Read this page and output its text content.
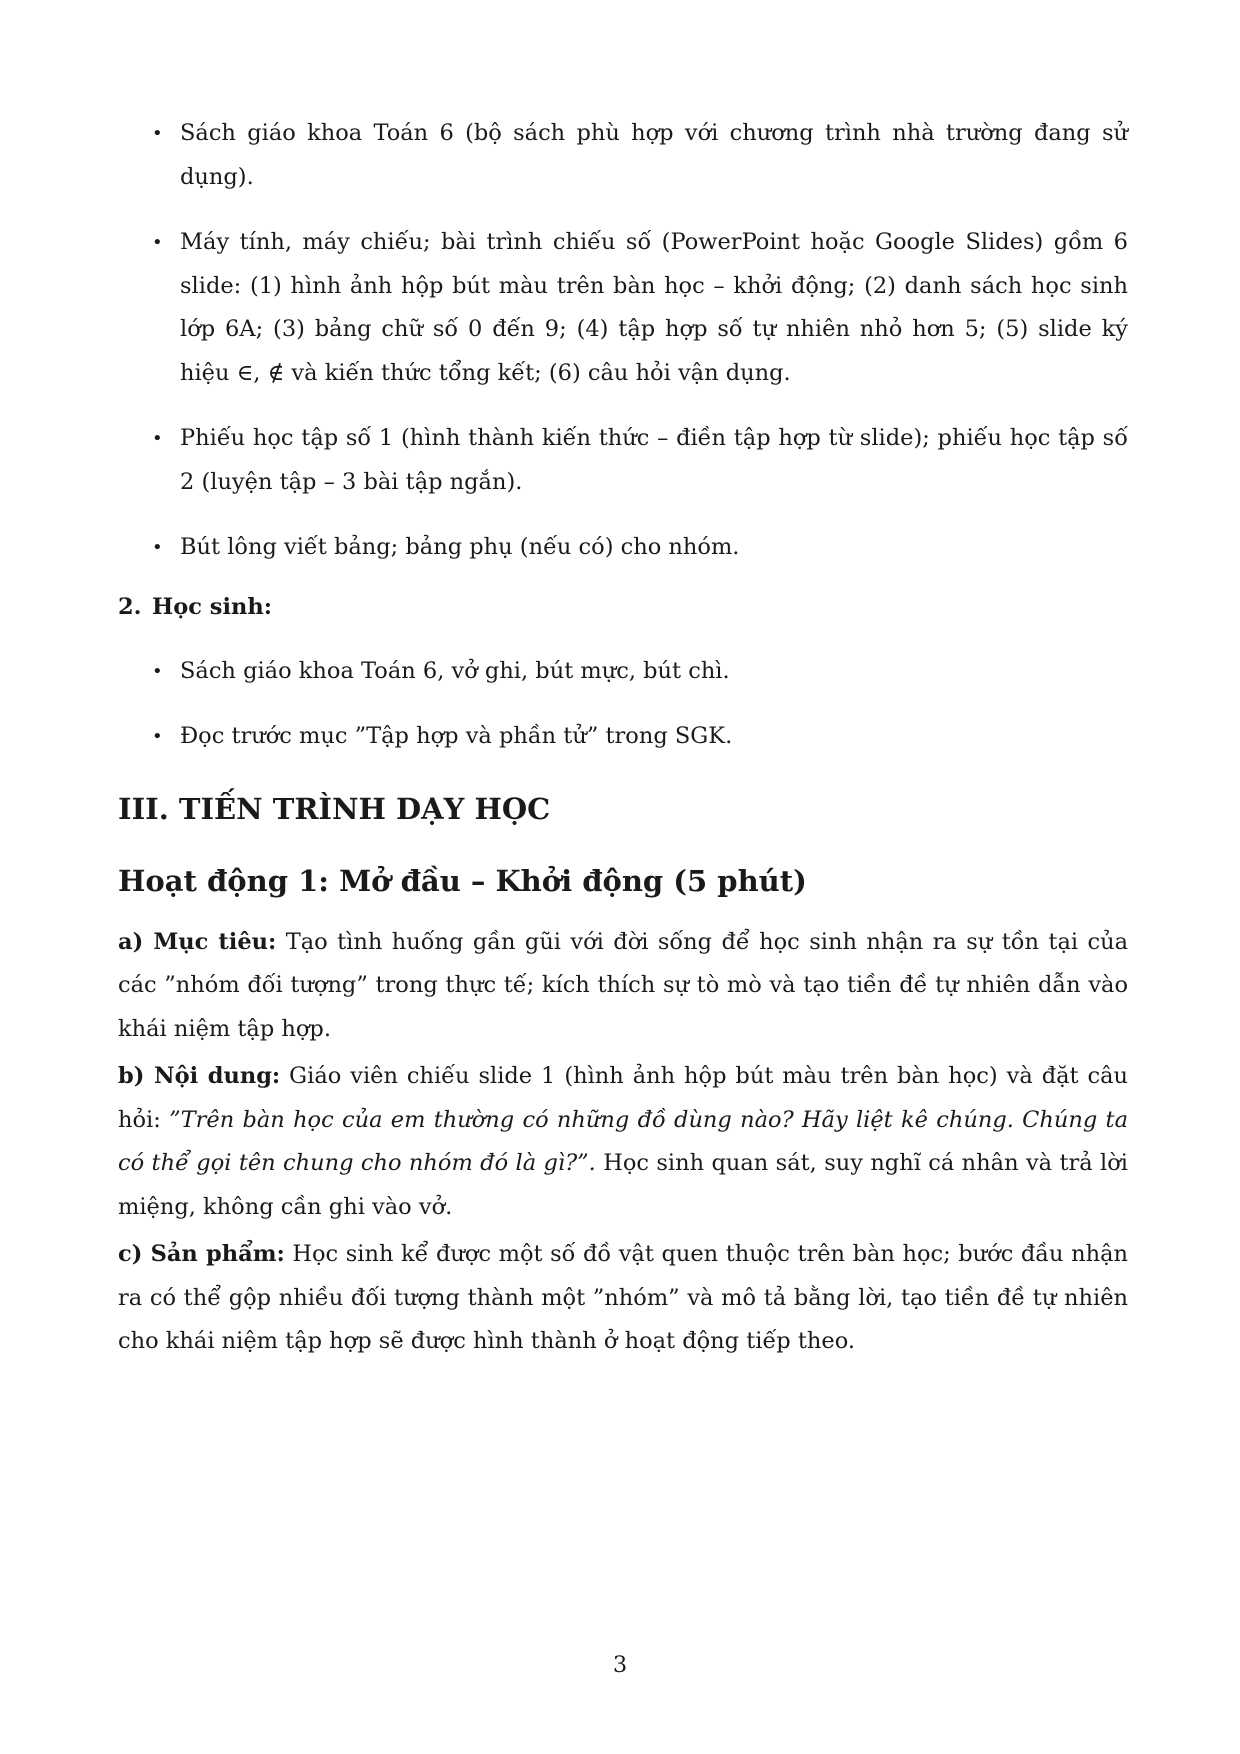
• Sách giáo khoa Toán 6 (bộ sách phù hợp với chương trình nhà trường đang sử dụng).
• Máy tính, máy chiếu; bài trình chiếu số (PowerPoint hoặc Google Slides) gồm 6 slide: (1) hình ảnh hộp bút màu trên bàn học – khởi động; (2) danh sách học sinh lớp 6A; (3) bảng chữ số 0 đến 9; (4) tập hợp số tự nhiên nhỏ hơn 5; (5) slide ký hiệu ∈, ∉ và kiến thức tổng kết; (6) câu hỏi vận dụng.
• Phiếu học tập số 1 (hình thành kiến thức – điền tập hợp từ slide); phiếu học tập số 2 (luyện tập – 3 bài tập ngắn).
• Bút lông viết bảng; bảng phụ (nếu có) cho nhóm.
2. Học sinh:
• Sách giáo khoa Toán 6, vở ghi, bút mực, bút chì.
• Đọc trước mục ”Tập hợp và phần tử” trong SGK.
III. TIẾN TRÌNH DẠY HỌC
Hoạt động 1: Mở đầu – Khởi động (5 phút)

a) Mục tiêu: Tạo tình huống gần gũi với đời sống để học sinh nhận ra sự tồn tại của các ”nhóm đối tượng” trong thực tế; kích thích sự tò mò và tạo tiền đề tự nhiên dẫn vào khái niệm tập hợp.

b) Nội dung: Giáo viên chiếu slide 1 (hình ảnh hộp bút màu trên bàn học) và đặt câu hỏi: ”Trên bàn học của em thường có những đồ dùng nào? Hãy liệt kê chúng. Chúng ta có thể gọi tên chung cho nhóm đó là gì?”. Học sinh quan sát, suy nghĩ cá nhân và trả lời miệng, không cần ghi vào vở.

c) Sản phẩm: Học sinh kể được một số đồ vật quen thuộc trên bàn học; bước đầu nhận ra có thể gộp nhiều đối tượng thành một ”nhóm” và mô tả bằng lời, tạo tiền đề tự nhiên cho khái niệm tập hợp sẽ được hình thành ở hoạt động tiếp theo.

3
